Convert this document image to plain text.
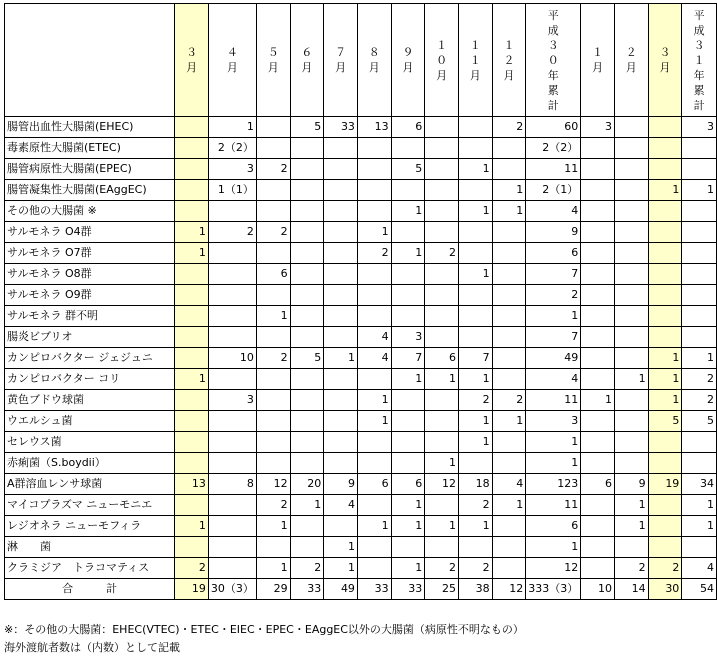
	３月	４月	５月	６月	７月	８月	９月	１０月	１１月	１２月	平成３０年累計	１月	２月	３月	平成３１年累計
腸管出血性大腸菌(EHEC)		1		5	33	13	6			2	60	3			3
毒素原性大腸菌(ETEC)		2（2）									2（2）				
腸管病原性大腸菌(EPEC)		3	2				5		1		11				
腸管凝集性大腸菌(EAggEC)		1（1）								1	2（1）			1	1
その他の大腸菌 ※							1		1	1	4				
サルモネラ O4群	1	2	2			1					9				
サルモネラ O7群	1					2	1	2			6				
サルモネラ O8群			6						1		7				
サルモネラ O9群											2				
サルモネラ 群不明			1								1				
腸炎ビブリオ						4	3				7				
カンピロバクター ジェジュニ		10	2	5	1	4	7	6	7		49			1	1
カンピロバクター コリ	1						1	1	1		4		1	1	2
黄色ブドウ球菌		3				1			2	2	11	1		1	2
ウエルシュ菌						1			1	1	3			5	5
セレウス菌									1		1				
赤痢菌（S.boydii）								1			1				
A群溶血レンサ球菌	13	8	12	20	9	6	6	12	18	4	123	6	9	19	34
マイコプラズマ ニューモニエ			2	1	4		1		2	1	11		1		1
レジオネラ ニューモフィラ	1		1			1	1	1	1		6		1		1
淋　　菌					1						1				
クラミジア　トラコマティス	2		1	2	1		1	2	2		12		2	2	4
合　　　計	19	30（3）	29	33	49	33	33	25	38	12	333（3）	10	14	30	54
※：その他の大腸菌：EHEC(VTEC)・ETEC・EIEC・EPEC・EAggEC以外の大腸菌（病原性不明なもの）
海外渡航者数は（内数）として記載
